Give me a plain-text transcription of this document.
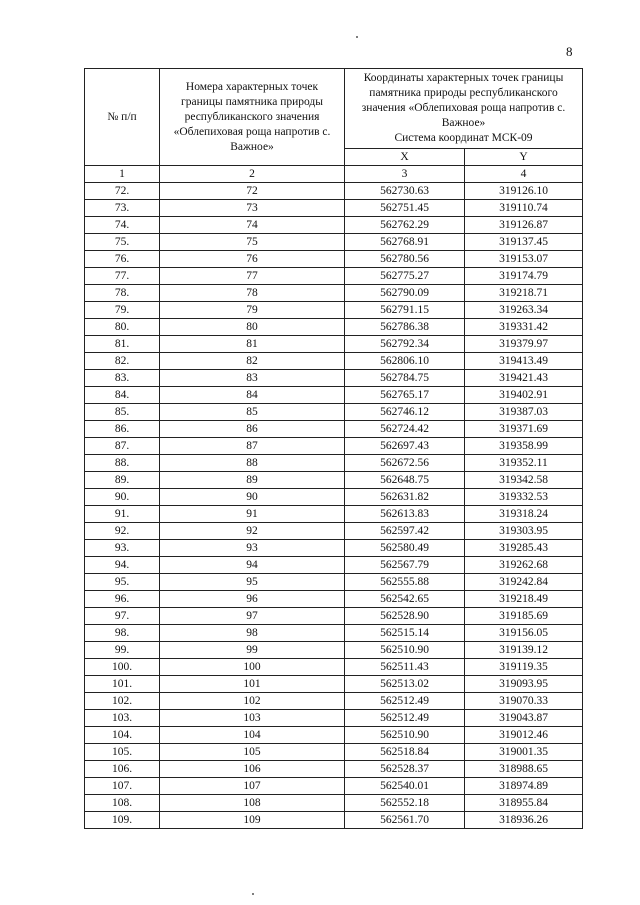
8
№ п/п	Номера характерных точек границы памятника природы республиканского значения «Облепиховая роща напротив с. Важное»	Координаты характерных точек границы памятника природы республиканского значения «Облепиховая роща напротив с. Важное»
Система координат МСК-09	
		X	Y
1	2	3	4
72.	72	562730.63	319126.10
73.	73	562751.45	319110.74
74.	74	562762.29	319126.87
75.	75	562768.91	319137.45
76.	76	562780.56	319153.07
77.	77	562775.27	319174.79
78.	78	562790.09	319218.71
79.	79	562791.15	319263.34
80.	80	562786.38	319331.42
81.	81	562792.34	319379.97
82.	82	562806.10	319413.49
83.	83	562784.75	319421.43
84.	84	562765.17	319402.91
85.	85	562746.12	319387.03
86.	86	562724.42	319371.69
87.	87	562697.43	319358.99
88.	88	562672.56	319352.11
89.	89	562648.75	319342.58
90.	90	562631.82	319332.53
91.	91	562613.83	319318.24
92.	92	562597.42	319303.95
93.	93	562580.49	319285.43
94.	94	562567.79	319262.68
95.	95	562555.88	319242.84
96.	96	562542.65	319218.49
97.	97	562528.90	319185.69
98.	98	562515.14	319156.05
99.	99	562510.90	319139.12
100.	100	562511.43	319119.35
101.	101	562513.02	319093.95
102.	102	562512.49	319070.33
103.	103	562512.49	319043.87
104.	104	562510.90	319012.46
105.	105	562518.84	319001.35
106.	106	562528.37	318988.65
107.	107	562540.01	318974.89
108.	108	562552.18	318955.84
109.	109	562561.70	318936.26
